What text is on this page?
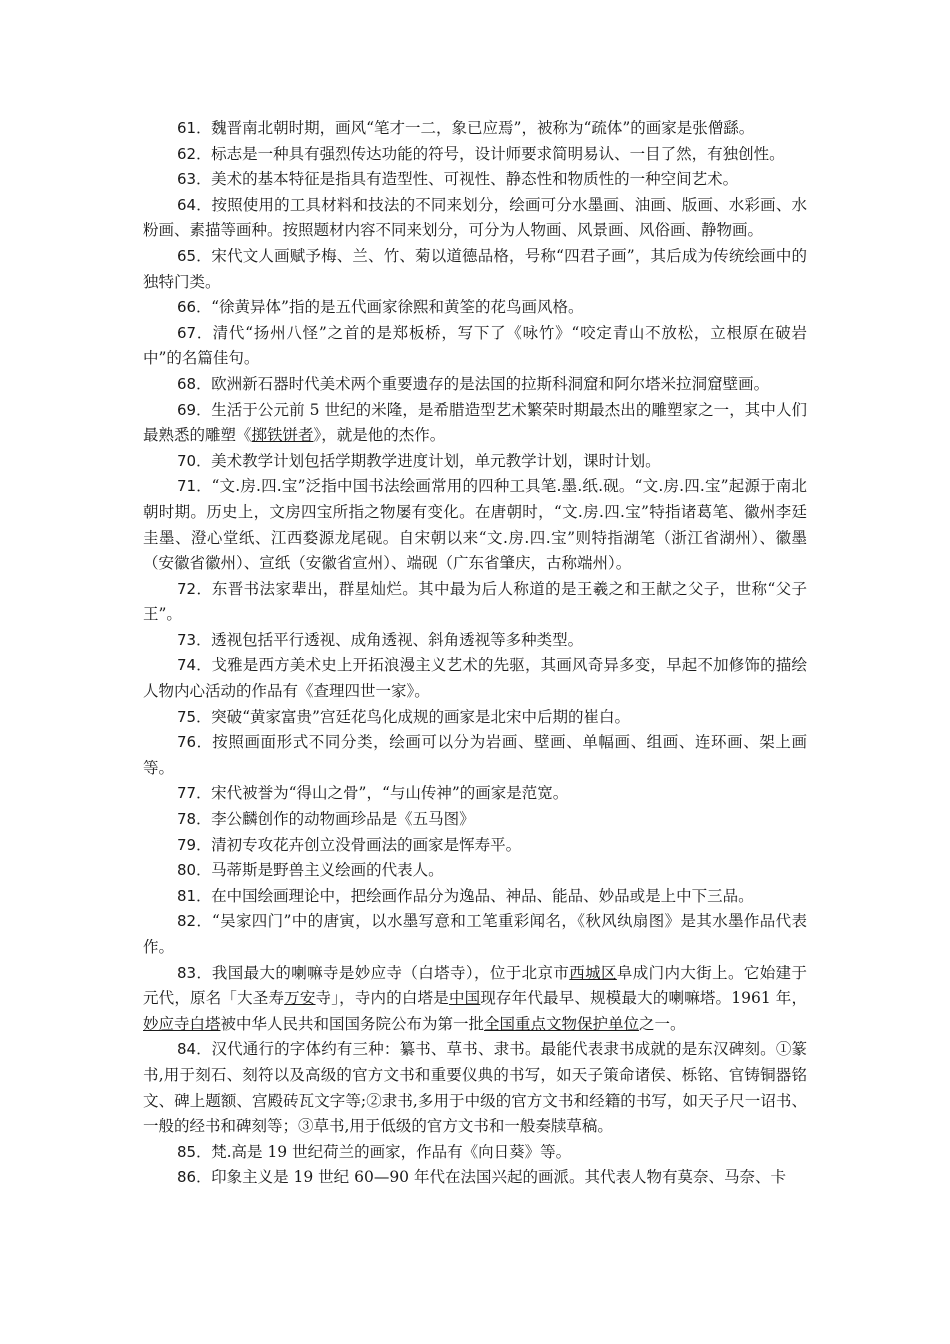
61．魏晋南北朝时期，画风“笔才一二，象已应焉”，被称为“疏体”的画家是张僧繇。

62．标志是一种具有强烈传达功能的符号，设计师要求简明易认、一目了然，有独创性。

63．美术的基本特征是指具有造型性、可视性、静态性和物质性的一种空间艺术。

64．按照使用的工具材料和技法的不同来划分，绘画可分水墨画、油画、版画、水彩画、水粉画、素描等画种。按照题材内容不同来划分，可分为人物画、风景画、风俗画、静物画。

65．宋代文人画赋予梅、兰、竹、菊以道德品格，号称“四君子画”，其后成为传统绘画中的独特门类。

66．“徐黄异体”指的是五代画家徐熙和黄筌的花鸟画风格。

67．清代“扬州八怪”之首的是郑板桥，写下了《咏竹》“咬定青山不放松，立根原在破岩中”的名篇佳句。

68．欧洲新石器时代美术两个重要遗存的是法国的拉斯科洞窟和阿尔塔米拉洞窟壁画。

69．生活于公元前 5 世纪的米隆，是希腊造型艺术繁荣时期最杰出的雕塑家之一，其中人们最熟悉的雕塑《掷铁饼者》，就是他的杰作。

70．美术教学计划包括学期教学进度计划，单元教学计划，课时计划。

71．“文.房.四.宝”泛指中国书法绘画常用的四种工具笔.墨.纸.砚。“文.房.四.宝”起源于南北朝时期。历史上，文房四宝所指之物屡有变化。在唐朝时，“文.房.四.宝”特指诸葛笔、徽州李廷圭墨、澄心堂纸、江西婺源龙尾砚。自宋朝以来“文.房.四.宝”则特指湖笔（浙江省湖州）、徽墨（安徽省徽州）、宣纸（安徽省宣州）、端砚（广东省肇庆，古称端州）。

72．东晋书法家辈出，群星灿烂。其中最为后人称道的是王羲之和王献之父子，世称“父子王”。

73．透视包括平行透视、成角透视、斜角透视等多种类型。

74．戈雅是西方美术史上开拓浪漫主义艺术的先驱，其画风奇异多变，早起不加修饰的描绘人物内心活动的作品有《查理四世一家》。

75．突破“黄家富贵”宫廷花鸟化成规的画家是北宋中后期的崔白。

76．按照画面形式不同分类，绘画可以分为岩画、壁画、单幅画、组画、连环画、架上画等。

77．宋代被誉为“得山之骨”，“与山传神”的画家是范宽。

78．李公麟创作的动物画珍品是《五马图》

79．清初专攻花卉创立没骨画法的画家是恽寿平。

80．马蒂斯是野兽主义绘画的代表人。

81．在中国绘画理论中，把绘画作品分为逸品、神品、能品、妙品或是上中下三品。

82．“吴家四门”中的唐寅，以水墨写意和工笔重彩闻名，《秋风纨扇图》是其水墨作品代表作。

83．我国最大的喇嘛寺是妙应寺（白塔寺），位于北京市西城区阜成门内大街上。它始建于元代，原名「大圣寿万安寺」，寺内的白塔是中国现存年代最早、规模最大的喇嘛塔。1961 年，妙应寺白塔被中华人民共和国国务院公布为第一批全国重点文物保护单位之一。

84．汉代通行的字体约有三种：纂书、草书、隶书。最能代表隶书成就的是东汉碑刻。①篆书,用于刻石、刻符以及高级的官方文书和重要仪典的书写，如天子策命诸侯、栎铭、官铸铜器铭文、碑上题额、宫殿砖瓦文字等;②隶书,多用于中级的官方文书和经籍的书写，如天子尺一诏书、一般的经书和碑刻等；③草书,用于低级的官方文书和一般奏牍草稿。

85．梵.高是 19 世纪荷兰的画家，作品有《向日葵》等。

86．印象主义是 19 世纪 60—90 年代在法国兴起的画派。其代表人物有莫奈、马奈、卡
